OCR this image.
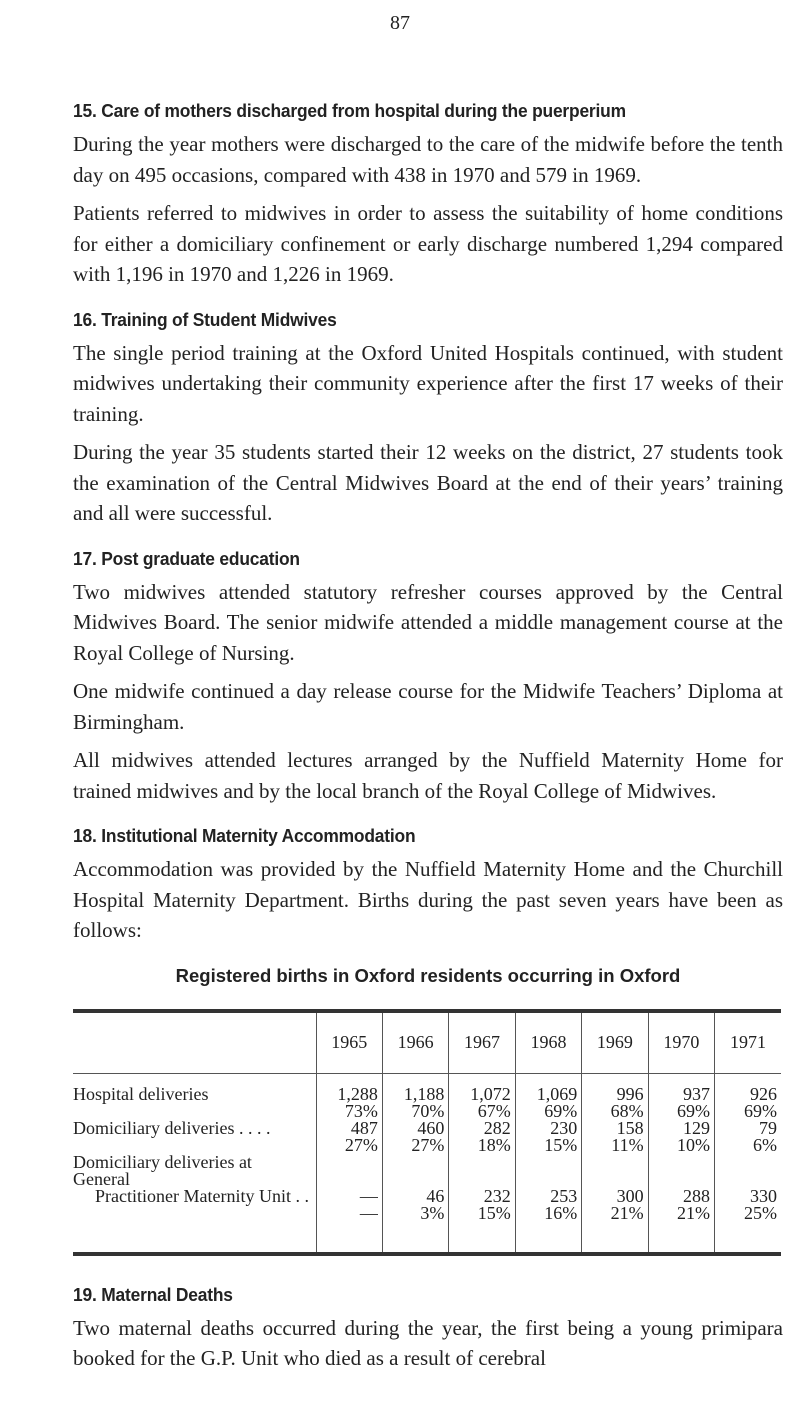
87
15. Care of mothers discharged from hospital during the puerperium

During the year mothers were discharged to the care of the midwife before the tenth day on 495 occasions, compared with 438 in 1970 and 579 in 1969.

Patients referred to midwives in order to assess the suitability of home conditions for either a domiciliary confinement or early discharge numbered 1,294 compared with 1,196 in 1970 and 1,226 in 1969.

16. Training of Student Midwives

The single period training at the Oxford United Hospitals continued, with student midwives undertaking their community experience after the first 17 weeks of their training.

During the year 35 students started their 12 weeks on the district, 27 students took the examination of the Central Midwives Board at the end of their years’ training and all were successful.

17. Post graduate education

Two midwives attended statutory refresher courses approved by the Central Midwives Board. The senior midwife attended a middle management course at the Royal College of Nursing.

One midwife continued a day release course for the Midwife Teachers’ Diploma at Birmingham.

All midwives attended lectures arranged by the Nuffield Maternity Home for trained midwives and by the local branch of the Royal College of Midwives.

18. Institutional Maternity Accommodation

Accommodation was provided by the Nuffield Maternity Home and the Churchill Hospital Maternity Department. Births during the past seven years have been as follows:

Registered births in Oxford residents occurring in Oxford
	1965	1966	1967	1968	1969	1970	1971
Hospital deliveries	1,288	1,188	1,072	1,069	996	937	926
	73%	70%	67%	69%	68%	69%	69%
Domiciliary deliveries . . . .	487	460	282	230	158	129	79
	27%	27%	18%	15%	11%	10%	6%
Domiciliary deliveries at General							
Practitioner Maternity Unit . .	—	46	232	253	300	288	330
	—	3%	15%	16%	21%	21%	25%
19. Maternal Deaths

Two maternal deaths occurred during the year, the first being a young primipara booked for the G.P. Unit who died as a result of cerebral
